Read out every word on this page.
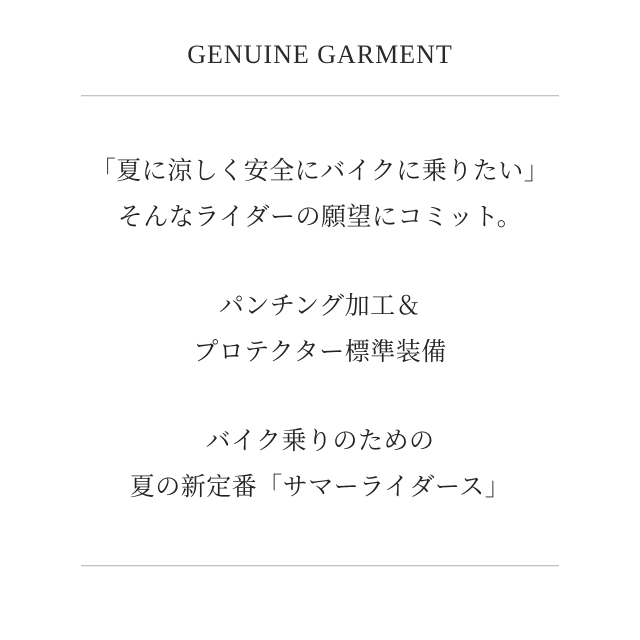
GENUINE GARMENT

「夏に涼しく安全にバイクに乗りたい」
そんなライダーの願望にコミット。

パンチング加工＆
プロテクター標準装備

バイク乗りのための
夏の新定番「サマーライダース」
